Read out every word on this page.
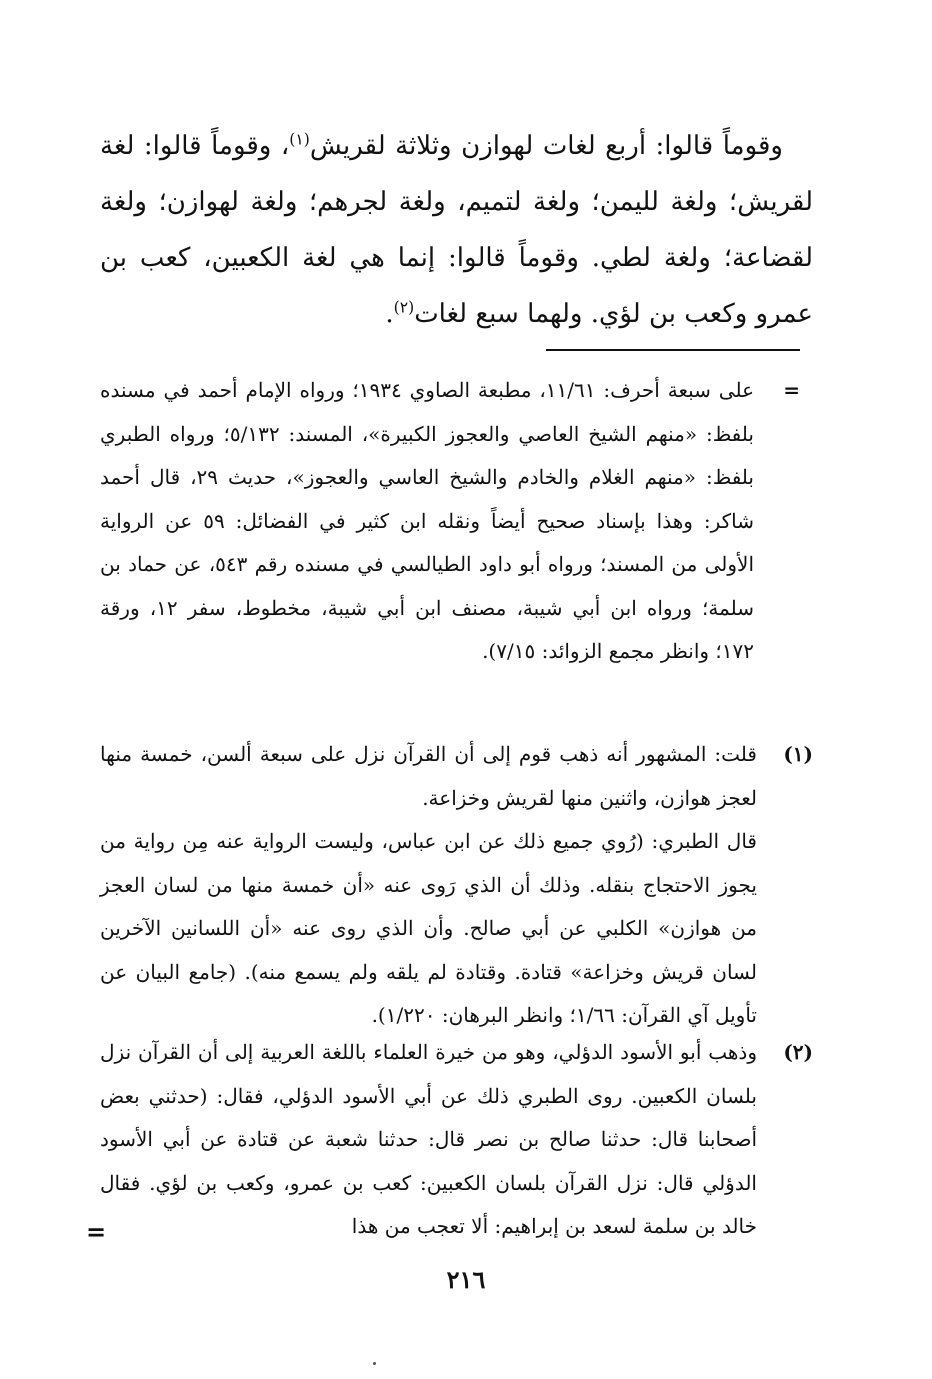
وقوماً قالوا: أربع لغات لهوازن وثلاثة لقريش$^{(١)}$، وقوماً قالوا: لغة لقريش؛ ولغة لليمن؛ ولغة لتميم، ولغة لجرهم؛ ولغة لهوازن؛ ولغة لقضاعة؛ ولغة لطي. وقوماً قالوا: إنما هي لغة الكعبين، كعب بن عمرو وكعب بن لؤي. ولهما سبع لغات$^{(٢)}$.
=
على سبعة أحرف: ١١/٦١، مطبعة الصاوي ١٩٣٤؛ ورواه الإمام أحمد في مسنده بلفظ: «منهم الشيخ العاصي والعجوز الكبيرة»، المسند: ٥/١٣٢؛ ورواه الطبري بلفظ: «منهم الغلام والخادم والشيخ العاسي والعجوز»، حديث ٢٩، قال أحمد شاكر: وهذا بإسناد صحيح أيضاً ونقله ابن كثير في الفضائل: ٥٩ عن الرواية الأولى من المسند؛ ورواه أبو داود الطيالسي في مسنده رقم ٥٤٣، عن حماد بن سلمة؛ ورواه ابن أبي شيبة، مصنف ابن أبي شيبة، مخطوط، سفر ١٢، ورقة ١٧٢؛ وانظر مجمع الزوائد: ٧/١٥).
(١)

قلت: المشهور أنه ذهب قوم إلى أن القرآن نزل على سبعة ألسن، خمسة منها لعجز هوازن، واثنين منها لقريش وخزاعة.

قال الطبري: (رُوي جميع ذلك عن ابن عباس، وليست الرواية عنه مِن رواية من يجوز الاحتجاج بنقله. وذلك أن الذي رَوى عنه «أن خمسة منها من لسان العجز من هوازن» الكلبي عن أبي صالح. وأن الذي روى عنه «أن اللسانين الآخرين لسان قريش وخزاعة» قتادة. وقتادة لم يلقه ولم يسمع منه). (جامع البيان عن تأويل آي القرآن: ١/٦٦؛ وانظر البرهان: ١/٢٢٠).

(٢)

وذهب أبو الأسود الدؤلي، وهو من خيرة العلماء باللغة العربية إلى أن القرآن نزل بلسان الكعبين. روى الطبري ذلك عن أبي الأسود الدؤلي، فقال: (حدثني بعض أصحابنا قال: حدثنا صالح بن نصر قال: حدثنا شعبة عن قتادة عن أبي الأسود الدؤلي قال: نزل القرآن بلسان الكعبين: كعب بن عمرو، وكعب بن لؤي. فقال خالد بن سلمة لسعد بن إبراهيم: ألا تعجب من هذا

=
٢١٦
